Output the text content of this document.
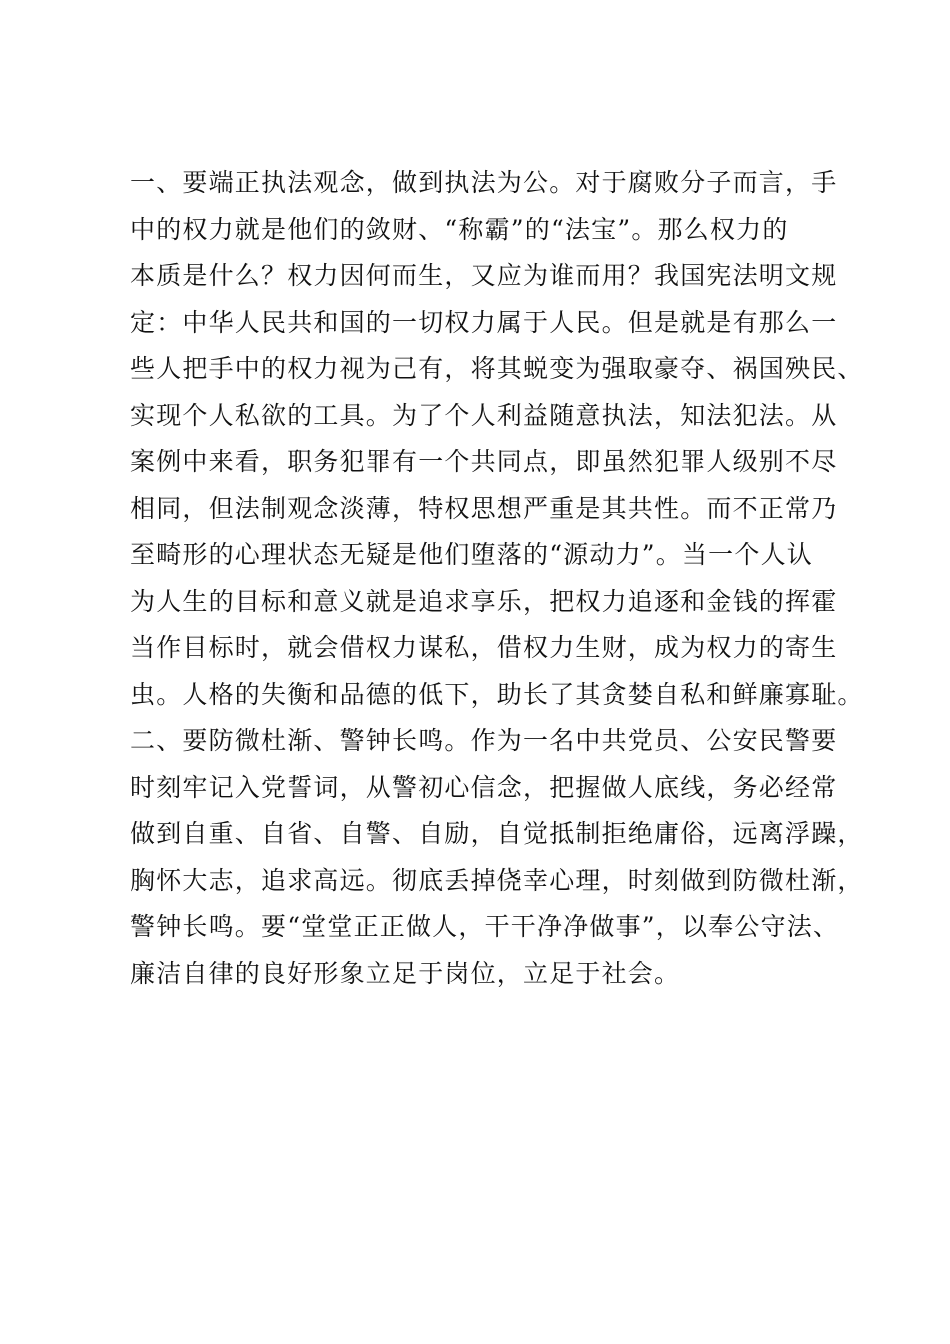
一、要端正执法观念，做到执法为公。对于腐败分子而言，手
中的权力就是他们的敛财、“称霸”的“法宝”。那么权力的
本质是什么？权力因何而生，又应为谁而用？我国宪法明文规
定：中华人民共和国的一切权力属于人民。但是就是有那么一
些人把手中的权力视为己有，将其蜕变为强取豪夺、祸国殃民、
实现个人私欲的工具。为了个人利益随意执法，知法犯法。从
案例中来看，职务犯罪有一个共同点，即虽然犯罪人级别不尽
相同，但法制观念淡薄，特权思想严重是其共性。而不正常乃
至畸形的心理状态无疑是他们堕落的“源动力”。当一个人认
为人生的目标和意义就是追求享乐，把权力追逐和金钱的挥霍
当作目标时，就会借权力谋私，借权力生财，成为权力的寄生
虫。人格的失衡和品德的低下，助长了其贪婪自私和鲜廉寡耻。
二、要防微杜渐、警钟长鸣。作为一名中共党员、公安民警要
时刻牢记入党誓词，从警初心信念，把握做人底线，务必经常
做到自重、自省、自警、自励，自觉抵制拒绝庸俗，远离浮躁，
胸怀大志，追求高远。彻底丢掉侥幸心理，时刻做到防微杜渐，
警钟长鸣。要“堂堂正正做人，干干净净做事”，以奉公守法、
廉洁自律的良好形象立足于岗位，立足于社会。
